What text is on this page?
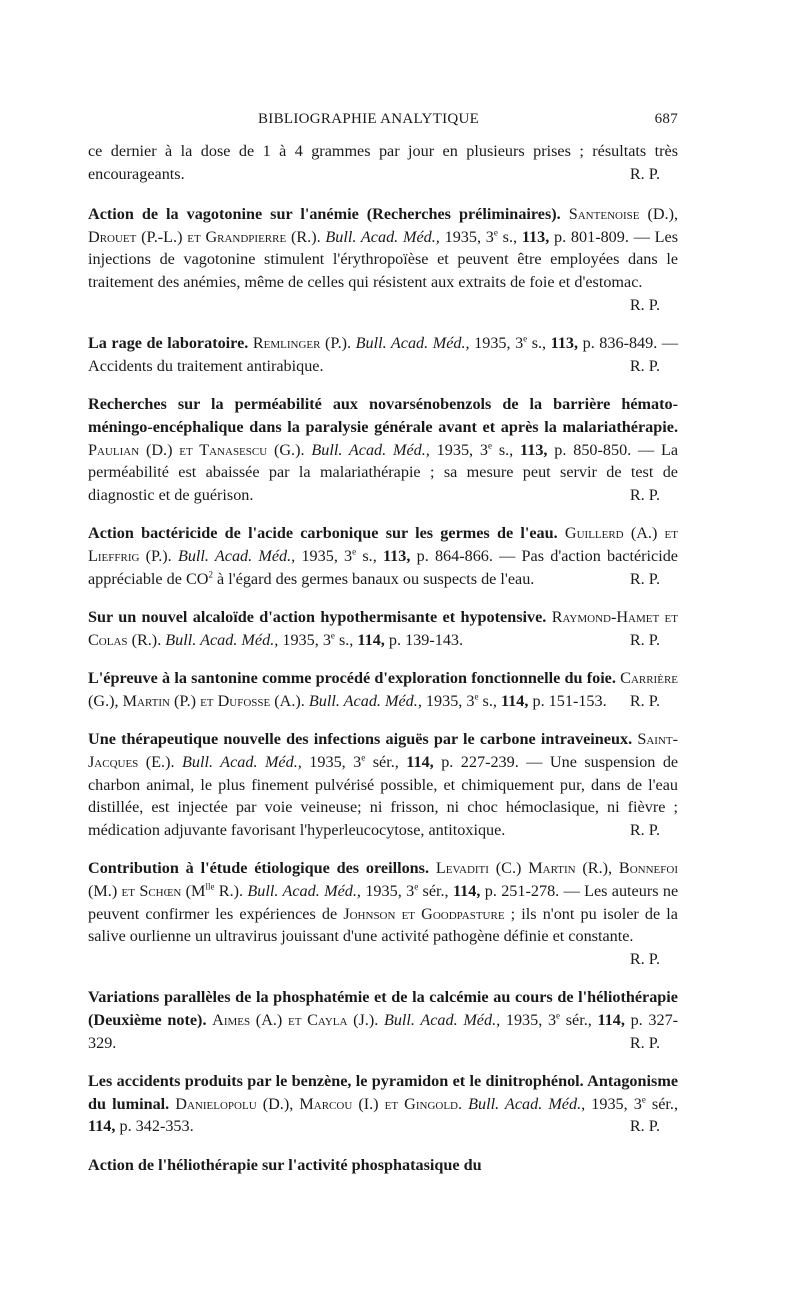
BIBLIOGRAPHIE ANALYTIQUE	687
ce dernier à la dose de 1 à 4 grammes par jour en plusieurs prises ; résultats très encourageants.	R. P.
Action de la vagotonine sur l'anémie (Recherches préliminaires). Santenoise (D.), Drouet (P.-L.) et Grandpierre (R.). Bull. Acad. Méd., 1935, 3e s., 113, p. 801-809. — Les injections de vagotonine stimulent l'érythropoïèse et peuvent être employées dans le traitement des anémies, même de celles qui résistent aux extraits de foie et d'estomac.
R. P.
La rage de laboratoire. Remlinger (P.). Bull. Acad. Méd., 1935, 3e s., 113, p. 836-849. — Accidents du traitement antirabique.	R. P.
Recherches sur la perméabilité aux novarsénobenzols de la barrière hémato-méningo-encéphalique dans la paralysie générale avant et après la malariathérapie. Paulian (D.) et Tanasescu (G.). Bull. Acad. Méd., 1935, 3e s., 113, p. 850-850. — La perméabilité est abaissée par la malariathérapie ; sa mesure peut servir de test de diagnostic et de guérison.	R. P.
Action bactéricide de l'acide carbonique sur les germes de l'eau. Guillerd (A.) et Lieffrig (P.). Bull. Acad. Méd., 1935, 3e s., 113, p. 864-866. — Pas d'action bactéricide appréciable de $CO^2$ à l'égard des germes banaux ou suspects de l'eau.	R. P.
Sur un nouvel alcaloïde d'action hypothermisante et hypotensive. Raymond-Hamet et Colas (R.). Bull. Acad. Méd., 1935, 3e s., 114, p. 139-143.	R. P.
L'épreuve à la santonine comme procédé d'exploration fonctionnelle du foie. Carrière (G.), Martin (P.) et Dufosse (A.). Bull. Acad. Méd., 1935, 3e s., 114, p. 151-153. R. P.
Une thérapeutique nouvelle des infections aiguës par le carbone intraveineux. Saint-Jacques (E.). Bull. Acad. Méd., 1935, 3e sér., 114, p. 227-239. — Une suspension de charbon animal, le plus finement pulvérisé possible, et chimiquement pur, dans de l'eau distillée, est injectée par voie veineuse; ni frisson, ni choc hémoclasique, ni fièvre ; médication adjuvante favorisant l'hyperleucocytose, antitoxique.	R. P.
Contribution à l'étude étiologique des oreillons. Levaditi (C.) Martin (R.), Bonnefoi (M.) et Schœn ($M^{lle}$ R.). Bull. Acad. Méd., 1935, 3e sér., 114, p. 251-278. — Les auteurs ne peuvent confirmer les expériences de Johnson et Goodpasture ; ils n'ont pu isoler de la salive ourlienne un ultravirus jouissant d'une activité pathogène définie et constante.
R. P.
Variations parallèles de la phosphatémie et de la calcémie au cours de l'héliothérapie (Deuxième note). Aimes (A.) et Cayla (J.). Bull. Acad. Méd., 1935, 3e sér., 114, p. 327-329.	R. P.
Les accidents produits par le benzène, le pyramidon et le dinitrophénol. Antagonisme du luminal. Danielopolu (D.), Marcou (I.) et Gingold. Bull. Acad. Méd., 1935, 3e sér., 114, p. 342-353.	R. P.
Action de l'héliothérapie sur l'activité phosphatasique du
